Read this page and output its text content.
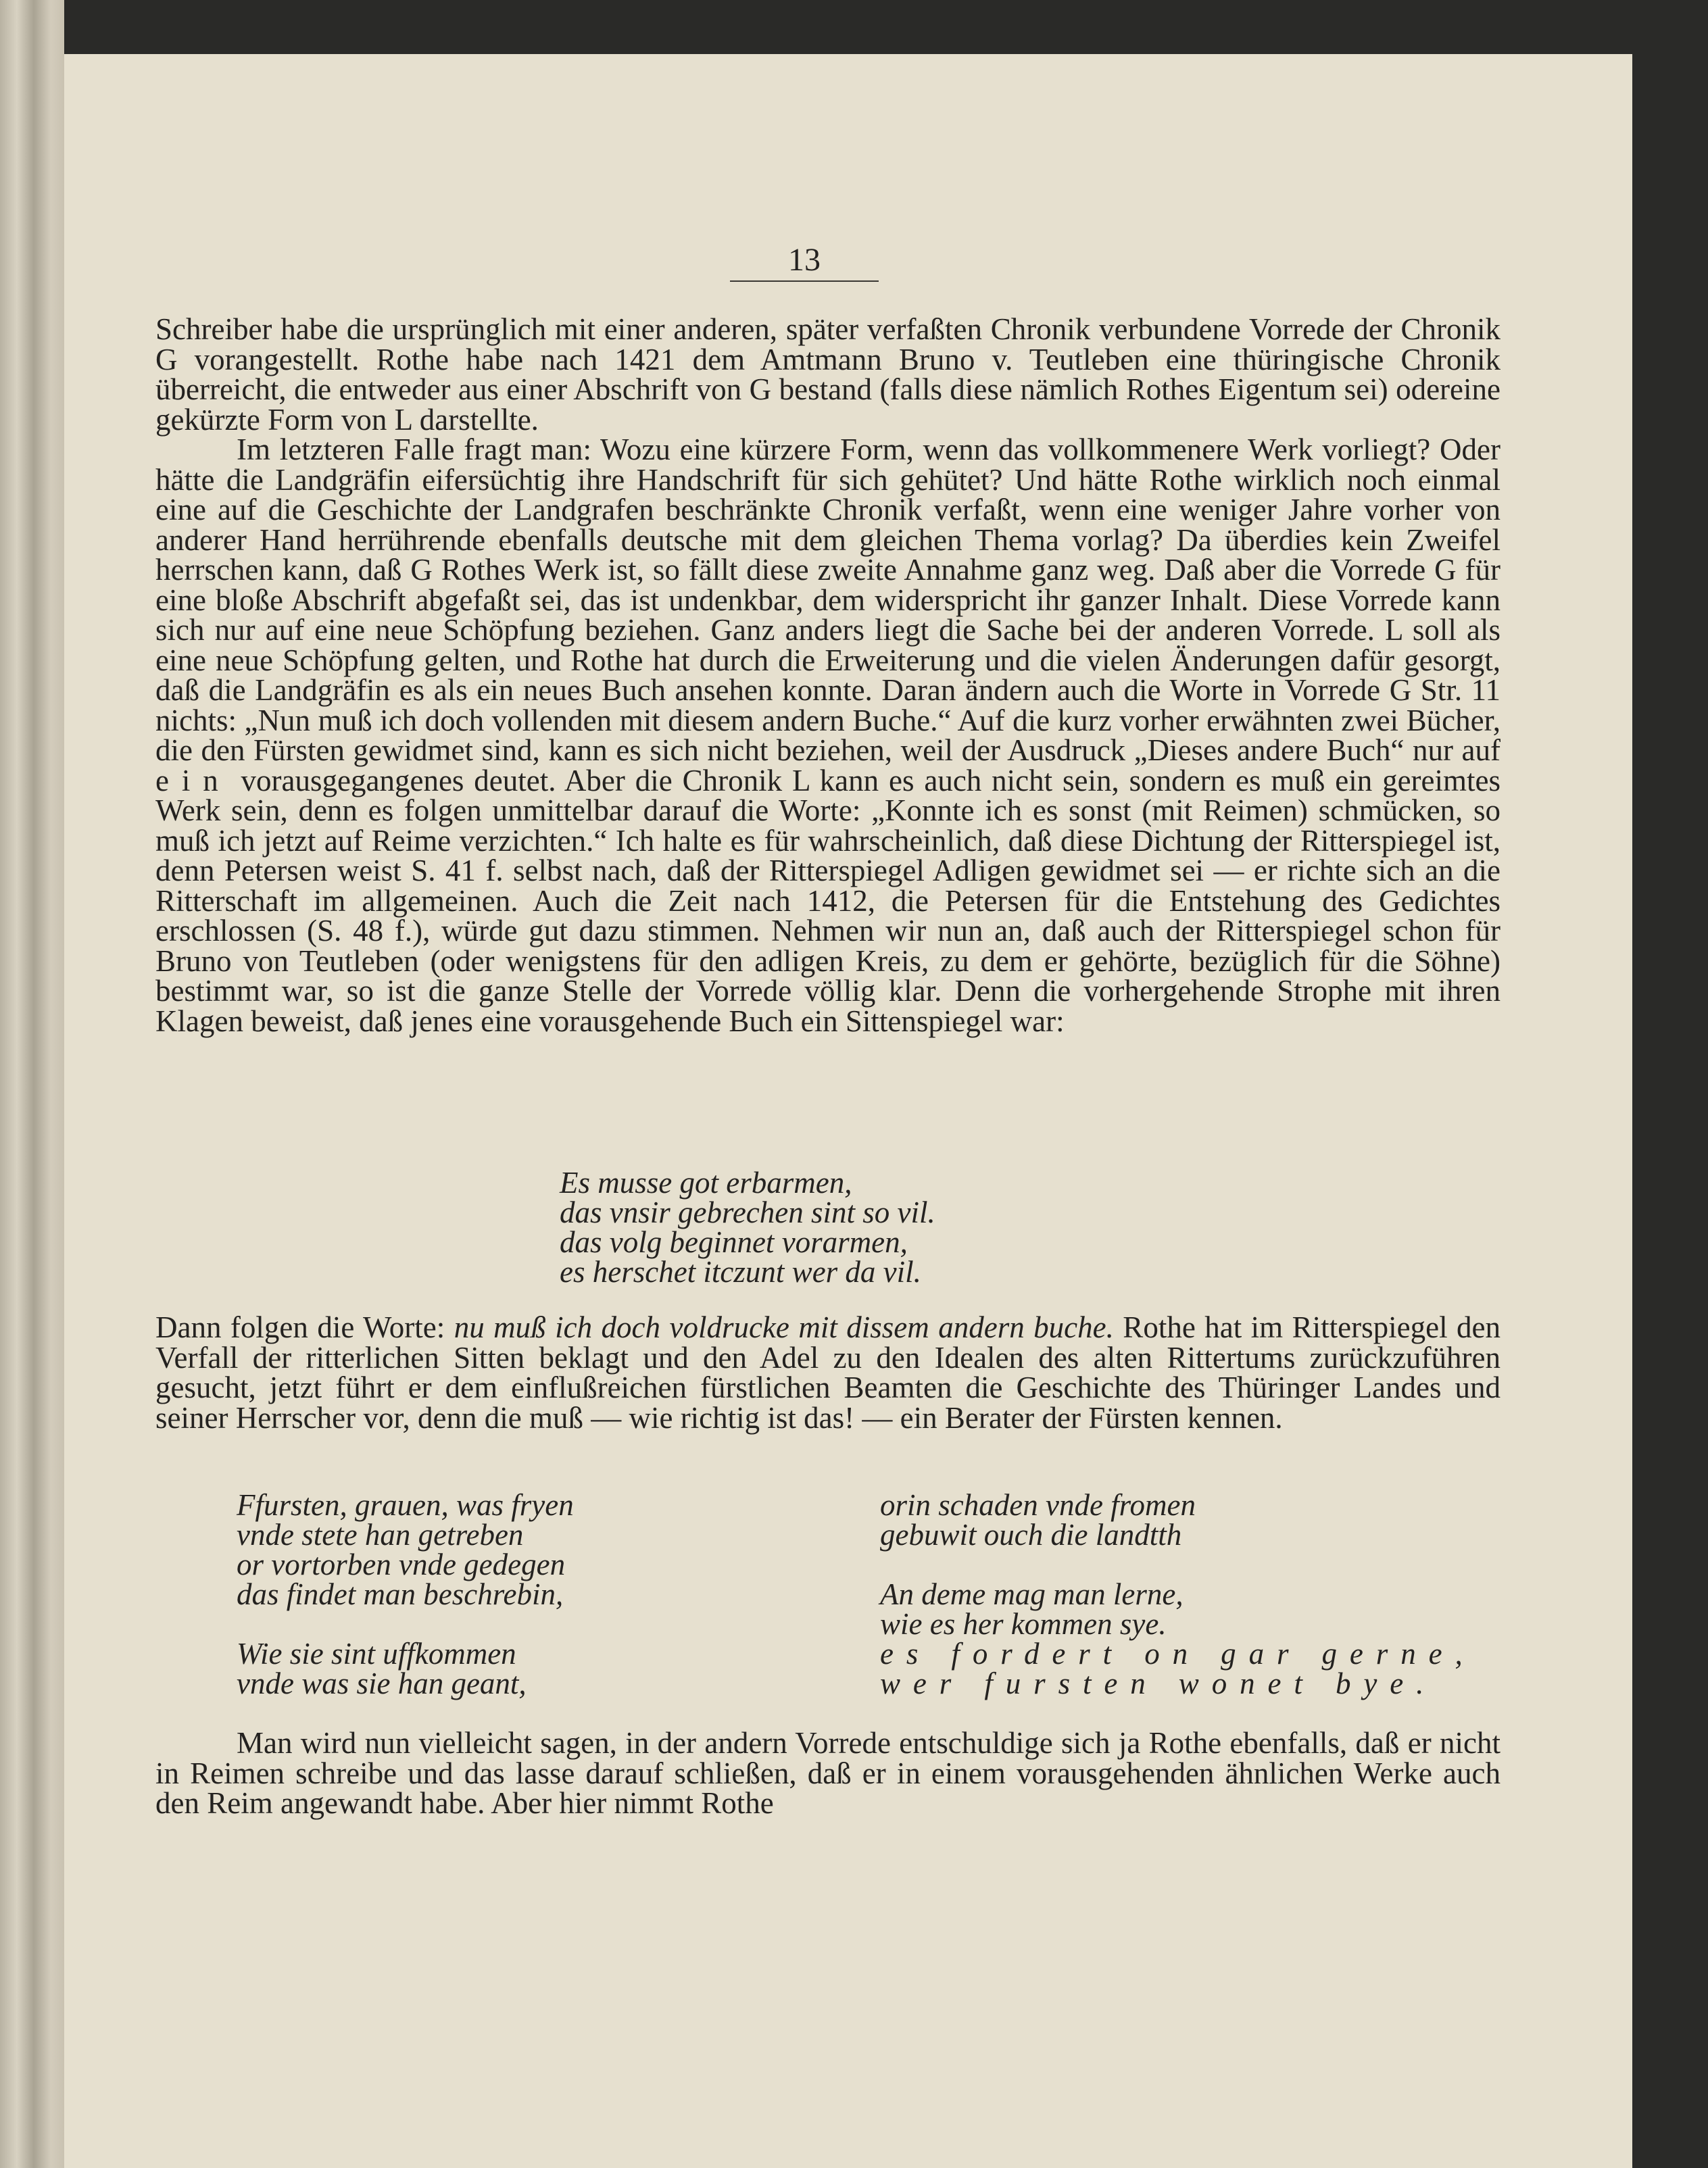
13

Schreiber habe die ursprünglich mit einer anderen, später verfaßten Chronik verbundene Vorrede der Chronik G vorangestellt. Rothe habe nach 1421 dem Amtmann Bruno v. Teutleben eine thüringische Chronik überreicht, die entweder aus einer Abschrift von G bestand (falls diese nämlich Rothes Eigentum sei) odereine gekürzte Form von L darstellte.

Im letzteren Falle fragt man: Wozu eine kürzere Form, wenn das vollkommenere Werk vorliegt? Oder hätte die Landgräfin eifersüchtig ihre Handschrift für sich gehütet? Und hätte Rothe wirklich noch einmal eine auf die Geschichte der Landgrafen beschränkte Chronik verfaßt, wenn eine weniger Jahre vorher von anderer Hand herrührende ebenfalls deutsche mit dem gleichen Thema vorlag? Da überdies kein Zweifel herrschen kann, daß G Rothes Werk ist, so fällt diese zweite Annahme ganz weg. Daß aber die Vorrede G für eine bloße Abschrift abgefaßt sei, das ist undenkbar, dem widerspricht ihr ganzer Inhalt. Diese Vorrede kann sich nur auf eine neue Schöpfung beziehen. Ganz anders liegt die Sache bei der anderen Vorrede. L soll als eine neue Schöpfung gelten, und Rothe hat durch die Erweiterung und die vielen Änderungen dafür gesorgt, daß die Landgräfin es als ein neues Buch ansehen konnte. Daran ändern auch die Worte in Vorrede G Str. 11 nichts: „Nun muß ich doch vollenden mit diesem andern Buche.“ Auf die kurz vorher erwähnten zwei Bücher, die den Fürsten gewidmet sind, kann es sich nicht beziehen, weil der Ausdruck „Dieses andere Buch“ nur auf ein vorausgegangenes deutet. Aber die Chronik L kann es auch nicht sein, sondern es muß ein gereimtes Werk sein, denn es folgen unmittelbar darauf die Worte: „Konnte ich es sonst (mit Reimen) schmücken, so muß ich jetzt auf Reime verzichten.“ Ich halte es für wahrscheinlich, daß diese Dichtung der Ritterspiegel ist, denn Petersen weist S. 41 f. selbst nach, daß der Ritterspiegel Adligen gewidmet sei — er richte sich an die Ritterschaft im allgemeinen. Auch die Zeit nach 1412, die Petersen für die Entstehung des Gedichtes erschlossen (S. 48 f.), würde gut dazu stimmen. Nehmen wir nun an, daß auch der Ritterspiegel schon für Bruno von Teutleben (oder wenigstens für den adligen Kreis, zu dem er gehörte, bezüglich für die Söhne) bestimmt war, so ist die ganze Stelle der Vorrede völlig klar. Denn die vorhergehende Strophe mit ihren Klagen beweist, daß jenes eine vorausgehende Buch ein Sittenspiegel war:

Es musse got erbarmen,
das vnsir gebrechen sint so vil.
das volg beginnet vorarmen,
es herschet itczunt wer da vil.

Dann folgen die Worte: nu muß ich doch voldrucke mit dissem andern buche. Rothe hat im Ritterspiegel den Verfall der ritterlichen Sitten beklagt und den Adel zu den Idealen des alten Rittertums zurückzuführen gesucht, jetzt führt er dem einflußreichen fürstlichen Beamten die Geschichte des Thüringer Landes und seiner Herrscher vor, denn die muß — wie richtig ist das! — ein Berater der Fürsten kennen.

Ffursten, grauen, was fryen
vnde stete han getreben
or vortorben vnde gedegen
das findet man beschrebin,
Wie sie sint uffkommen
vnde was sie han geant,
orin schaden vnde fromen
gebuwit ouch die landtth
An deme mag man lerne,
wie es her kommen sye.
es fordert on gar gerne,
wer fursten wonet bye.

Man wird nun vielleicht sagen, in der andern Vorrede entschuldige sich ja Rothe ebenfalls, daß er nicht in Reimen schreibe und das lasse darauf schließen, daß er in einem vorausgehenden ähnlichen Werke auch den Reim angewandt habe. Aber hier nimmt Rothe
